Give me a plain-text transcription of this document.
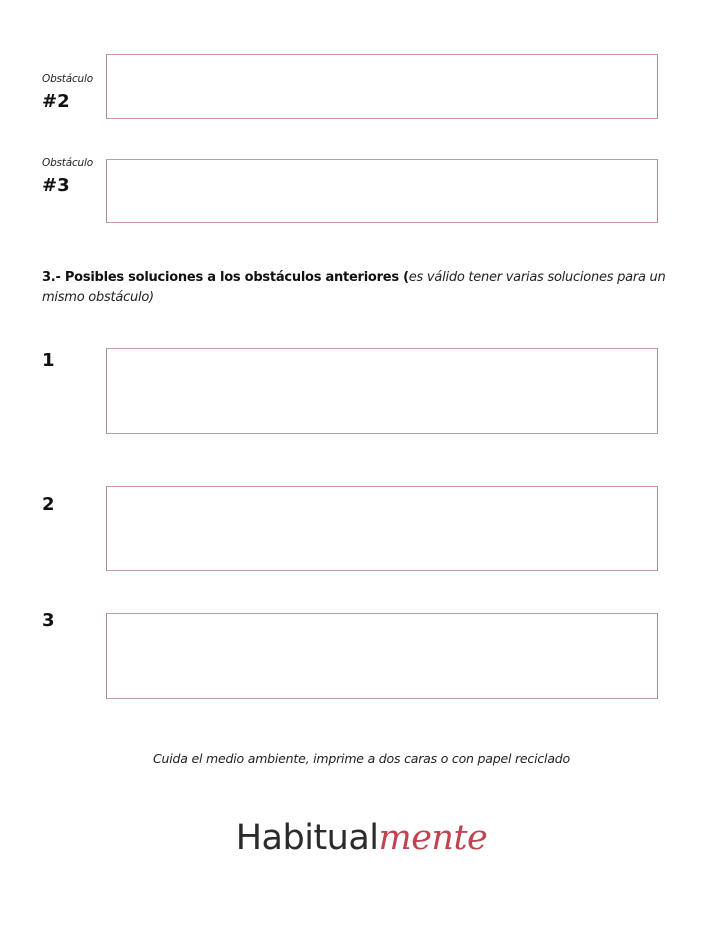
Obstáculo
#2
Obstáculo
#3
3.- Posibles soluciones a los obstáculos anteriores (es válido tener varias soluciones para un mismo obstáculo)
1
2
3
Cuida el medio ambiente, imprime a dos caras o con papel reciclado
Habitualmente
